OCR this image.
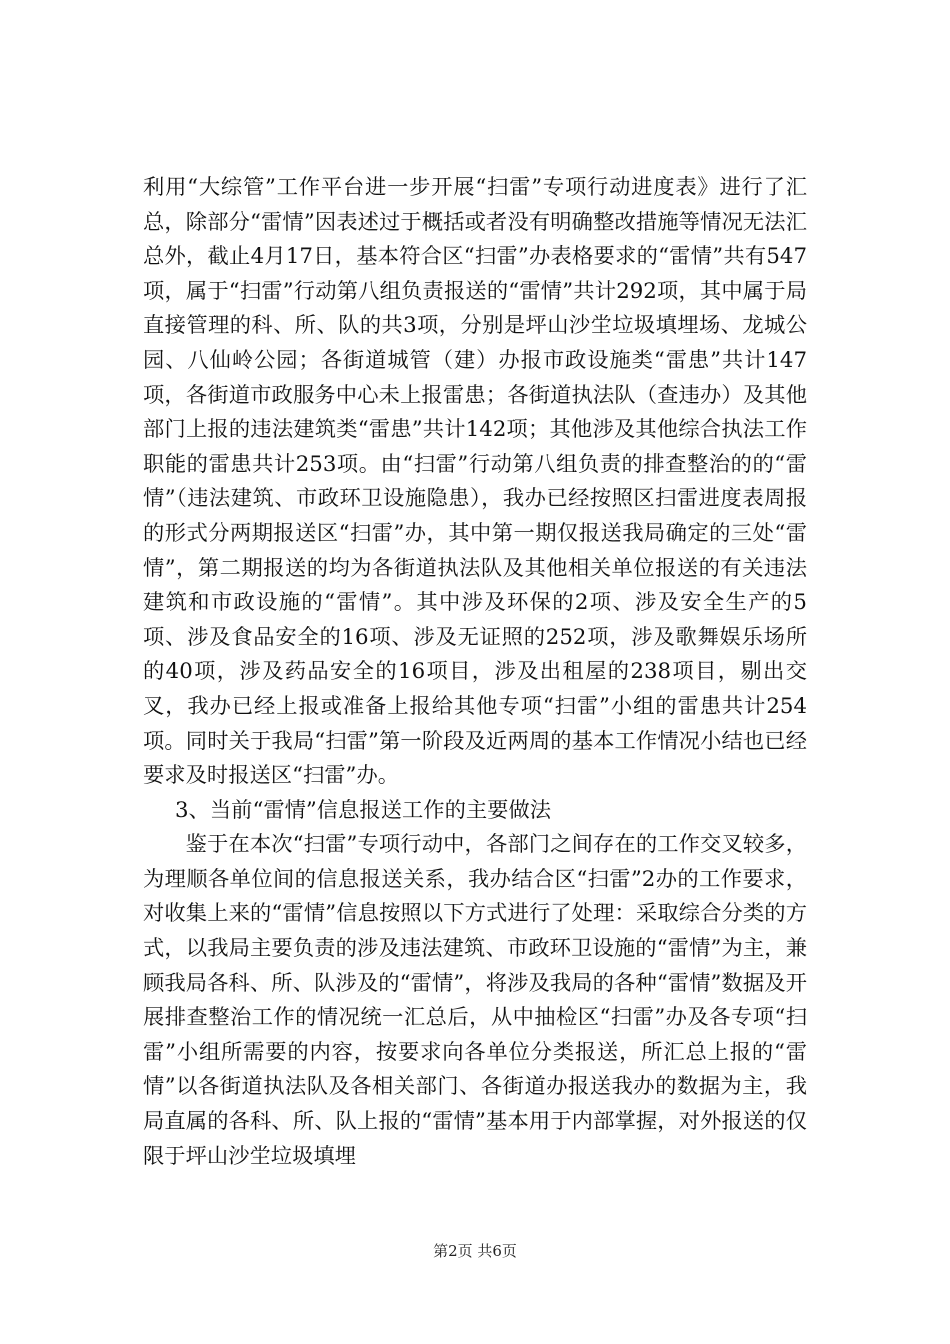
利用“大综管”工作平台进一步开展“扫雷”专项行动进度表》进行了汇总，除部分“雷情”因表述过于概括或者没有明确整改措施等情况无法汇总外，截止4月17日，基本符合区“扫雷”办表格要求的“雷情”共有547项，属于“扫雷”行动第八组负责报送的“雷情”共计292项，其中属于局直接管理的科、所、队的共3项，分别是坪山沙坣垃圾填埋场、龙城公园、八仙岭公园；各街道城管（建）办报市政设施类“雷患”共计147项，各街道市政服务中心未上报雷患；各街道执法队（查违办）及其他部门上报的违法建筑类“雷患”共计142项；其他涉及其他综合执法工作职能的雷患共计253项。由“扫雷”行动第八组负责的排查整治的的“雷情”（违法建筑、市政环卫设施隐患），我办已经按照区扫雷进度表周报的形式分两期报送区“扫雷”办，其中第一期仅报送我局确定的三处“雷情”，第二期报送的均为各街道执法队及其他相关单位报送的有关违法建筑和市政设施的“雷情”。其中涉及环保的2项、涉及安全生产的5项、涉及食品安全的16项、涉及无证照的252项，涉及歌舞娱乐场所的40项，涉及药品安全的16项目，涉及出租屋的238项目，剔出交叉，我办已经上报或准备上报给其他专项“扫雷”小组的雷患共计254项。同时关于我局“扫雷”第一阶段及近两周的基本工作情况小结也已经要求及时报送区“扫雷”办。

3、当前“雷情”信息报送工作的主要做法

鉴于在本次“扫雷”专项行动中，各部门之间存在的工作交叉较多，为理顺各单位间的信息报送关系，我办结合区“扫雷”2办的工作要求，对收集上来的“雷情”信息按照以下方式进行了处理：采取综合分类的方式，以我局主要负责的涉及违法建筑、市政环卫设施的“雷情”为主，兼顾我局各科、所、队涉及的“雷情”，将涉及我局的各种“雷情”数据及开展排查整治工作的情况统一汇总后，从中抽检区“扫雷”办及各专项“扫雷”小组所需要的内容，按要求向各单位分类报送，所汇总上报的“雷情”以各街道执法队及各相关部门、各街道办报送我办的数据为主，我局直属的各科、所、队上报的“雷情”基本用于内部掌握，对外报送的仅限于坪山沙坣垃圾填埋

第2页 共6页
